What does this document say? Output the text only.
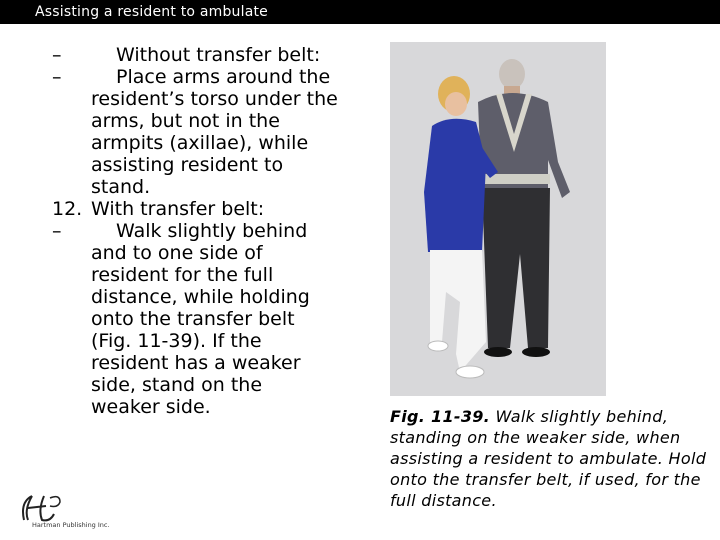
Assisting a resident to ambulate
–	Without transfer belt:
–	Place arms around the
resident’s torso under the arms, but not in the armpits (axillae), while assisting resident to stand.
12. With transfer belt:
–	Walk slightly behind
and to one side of resident for the full distance, while holding onto the transfer belt (Fig. 11-39). If the resident has a weaker side, stand on the weaker side.	Fig. 11-39. Walk slightly behind, standing on the weaker side, when assisting a resident to ambulate. Hold onto the transfer belt, if used, for the full distance.
Hartman Publishing Inc.
